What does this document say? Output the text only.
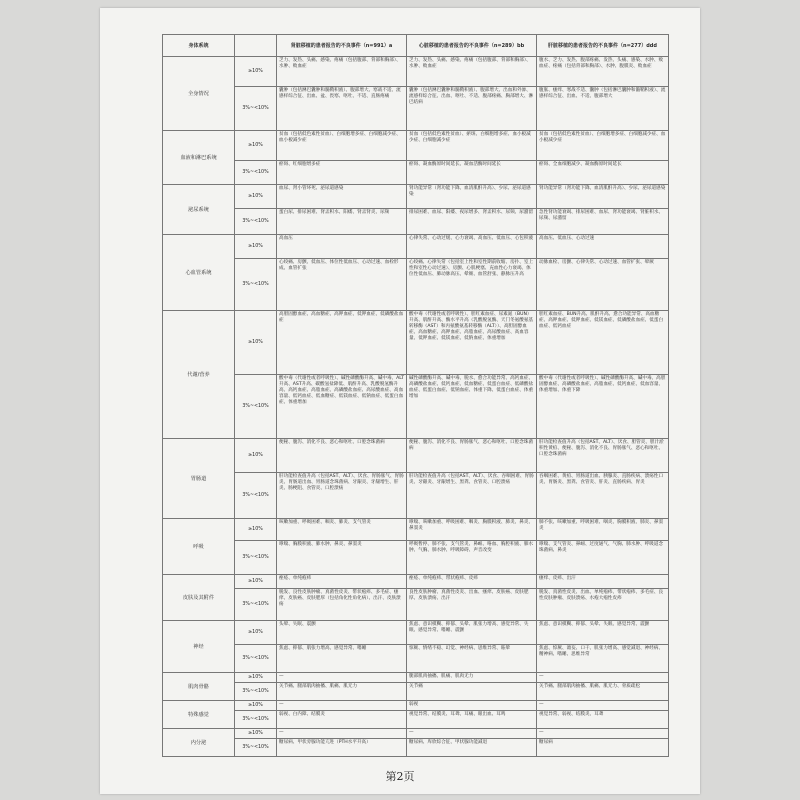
身体系统		肾脏移植的患者报告的不良事件（n=991）a	心脏移植的患者报告的不良事件（n=289）bb	肝脏移植的患者报告的不良事件（n=277）ddd
全身情况	≥10%	乏力、发热、头痛、感染、疼痛（包括腹部、背部和胸部）、水肿、败血症	乏力、发热、头痛、感染、疼痛（包括腹部、背部和胸部）、水肿、败血症	腹水、乏力、发热、腹部疼痛、发热、头痛、感染、水肿、败血症、疼痛（包括背部和胸部）、水肿、腹膜炎、败血症
	3%~<10%	囊肿（包括淋巴囊肿和髓鞘积液）、腹部增大、寒战不适、流感样综合征、出血、盆、畏寒、呕吐、不适、直肠疼痛	囊肿（包括淋巴囊肿和髓鞘积液）、腹部增大、出血和外渗、流感样综合征、出血、呕吐、不适、腹部疼痛、胸部增大、淋巴结病	腹胀、瘙痒、寒战不适、囊肿（包括淋巴囊肿和髓鞘积液）、流感样综合征、出血、不适、腹部增大
血液和淋巴系统	≥10%	贫血（包括低色素性贫血）、白细胞增多症、白细胞减少症、血小板减少症	贫血（包括低色素性贫血）、瘀斑、白细胞增多症、血小板减少症、白细胞减少症	贫血（包括低色素性贫血）、白细胞增多症、白细胞减少症、血小板减少症
	3%~<10%	瘀斑、红细胞增多症	瘀斑、凝血酶原时间延长、凝血活酶时间延长	瘀斑、全血细胞减少、凝血酶原时间延长
泌尿系统	≥10%	血尿、肾小管坏死、泌尿道感染	肾功能异常（肾功能下降、血清肌酐升高）、少尿、泌尿道感染	肾功能异常（肾功能下降、血清肌酐升高）、少尿、泌尿道感染
	3%~<10%	蛋白尿、排尿困难、肾盂积水、阳痿、肾盂肾炎、尿频	排尿困难、血尿、阳痿、夜尿增多、肾盂积水、尿频、尿潴留	急性肾功能衰竭、排尿困难、血尿、肾功能衰竭、肾脏积水、尿频、尿潴留
心血管系统	≥10%	高血压	心律失常、心动过缓、心力衰竭、高血压、低血压、心包积液	高血压、低血压、心动过速
	3%~<10%	心绞痛、房颤、低血压、体位性低血压、心动过速、血栓形成、血管扩张	心绞痛、心律失常（包括室上性和室性期前收缩、房扑、室上性和室性心动过速）、房颤、心肌梗塞、充血性心力衰竭、体位性低血压、肺动脉高压、晕厥、血管舒张、静脉压升高	动脉血栓、房颤、心律失常、心动过速、血管扩张、晕厥
代谢/营养	≥10%	高胆固醇血症、高血糖症、高钾血症、低钾血症、低磷酸盐血症	酸中毒（代谢性或者呼吸性）、胆红素血症、尿素氮（BUN）升高、肌酐升高、酶水平升高（乳酸脱氢酶、天门冬氨酸氨基转移酶（AST）和丙氨酸氨基转移酶（ALT））、高胆固醇血症、高血糖症、高钾血症、高脂血症、高尿酸血症、高血容量、低钾血症、低镁血症、低钠血症、体重增加	胆红素血症、BUN升高、肌酐升高、愈合功能异常、高血糖症、高钾血症、低钾血症、低镁血症、低磷酸盐血症、低蛋白血症、低钙血症
	3%~<10%	酸中毒（代谢性或者呼吸性）、碱性磷酸酶升高、碱中毒、ALT升高、AST升高、碳酸氢盐降低、肌酐升高、乳酸脱氢酶升高、高钙血症、高脂血症、高磷酸盐血症、高尿酸血症、高血容量、低钙血症、低血糖症、低镁血症、低钠血症、低蛋白血症、体重增加	碱性磷酸酶升高、碱中毒、脱水、愈合功能异常、高钙血症、高磷酸盐血症、低钙血症、低血糖症、低蛋白血症、低磷酸盐血症、低蛋白血症、低钠血症、体重下降、低蛋白血症、体重增加	酸中毒（代谢性或者呼吸性）、碱性磷酸酶升高、碱中毒、高胆固醇血症、高磷酸盐血症、高脂血症、低钙血症、低血容量、体重增加、体重下降
胃肠道	≥10%	便秘、腹泻、消化不良、恶心和呕吐、口腔念珠菌病	便秘、腹泻、消化不良、胃肠胀气、恶心和呕吐、口腔念珠菌病	肝功能检查值升高（包括AST、ALT）、厌食、胆管炎、胆汁淤积性黄疸、便秘、腹泻、消化不良、胃肠胀气、恶心和呕吐、口腔念珠菌病
	3%~<10%	肝功能检查值升高（包括AST、ALT）、厌食、胃肠胀气、胃肠炎、胃肠道出血、胃肠道念珠菌病、牙龈炎、牙龈增生、肝炎、肠梗阻、食管炎、口腔溃疡	肝功能检查值升高（包括AST、ALT）、厌食、吞咽困难、胃肠炎、牙龈炎、牙龈增生、黑粪、食管炎、口腔溃疡	吞咽困难、黄疸、胃肠道出血、胰腺炎、直肠疾病、溃疡性口炎、胃肠炎、黑粪、食管炎、肝炎、直肠疾病、胃炎
呼吸	≥10%	咳嗽加重、呼吸困难、咽炎、肺炎、支气管炎	哮喘、咳嗽加重、呼吸困难、咽炎、胸膜积液、肺炎、鼻炎、鼻窦炎	肺不张、咳嗽加重、呼吸困难、咽炎、胸膜积液、肺炎、鼻窦炎
	3%~<10%	哮喘、胸膜积液、肺水肿、鼻炎、鼻窦炎	呼吸暂停、肺不张、支气管炎、鼻衄、咯血、胸腔积液、肺水肿、气胸、肺水肿、呼吸障碍、声音改变	哮喘、支气管炎、鼻衄、过度通气、气胸、肺水肿、呼吸道念珠菌病、鼻炎
皮肤及其附件	≥10%	痤疮、单纯疱疹	痤疮、单纯疱疹、带状疱疹、皮疹	瘙痒、皮疹、出汗
	3%~<10%	脱发、良性皮肤肿瘤、真菌性皮炎、带状疱疹、多毛症、瘙痒、皮肤癌、皮肤肥厚（包括角化性角化病）、出汗、皮肤溃疡	良性皮肤肿瘤、真菌性皮炎、出血、瘙痒、皮肤癌、皮肤肥厚、皮肤溃疡、出汗	脱发、真菌性皮炎、出血、单纯疱疹、带状疱疹、多毛症、良性皮肤肿瘤、皮肤溃疡、水疱大疱性皮疹
神经	≥10%	头晕、失眠、震颤	焦虑、意识模糊、抑郁、头晕、肌张力增高、感觉异常、失眠、感觉异常、嗜睡、震颤	焦虑、意识模糊、抑郁、头晕、失眠、感觉异常、震颤
	3%~<10%	焦虑、抑郁、肌张力增高、感觉异常、嗜睡	惊厥、情绪不稳、幻觉、神经病、思维异常、眩晕	焦虑、惊厥、谵妄、口干、肌张力增高、感觉减退、神经病、精神病、嗜睡、思维异常
肌肉骨骼	≥10%	—	腿部肌肉抽搐、肌痛、肌肉无力	—
	3%~<10%	关节痛、腿部肌肉抽搐、肌痛、肌无力	关节痛	关节痛、腿部肌肉抽搐、肌痛、肌无力、骨质疏松
特殊感觉	≥10%	—	弱视	—
	3%~<10%	弱视、白内障、结膜炎	视觉异常、结膜炎、耳聋、耳痛、眼出血、耳鸣	视觉异常、弱视、结膜炎、耳聋
内分泌	≥10%	—	—	—
	3%~<10%	糖尿病、甲状旁腺功能亢进（PTH水平升高）	糖尿病、库欣综合征、甲状腺功能减退	糖尿病
第2页
